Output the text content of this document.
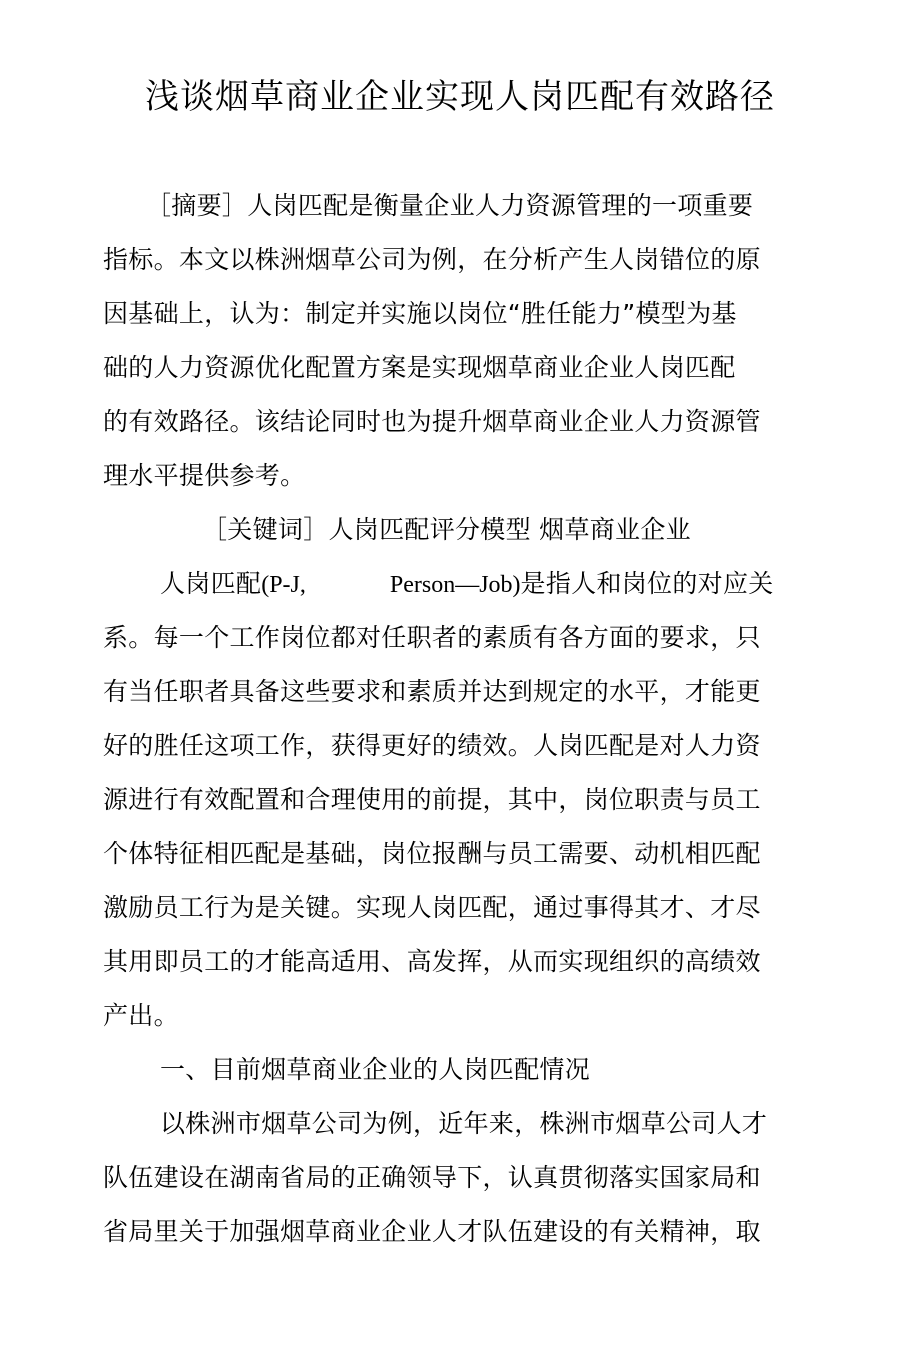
浅谈烟草商业企业实现人岗匹配有效路径
［摘要］人岗匹配是衡量企业人力资源管理的一项重要
指标。本文以株洲烟草公司为例，在分析产生人岗错位的原
因基础上，认为：制定并实施以岗位“胜任能力”模型为基
础的人力资源优化配置方案是实现烟草商业企业人岗匹配
的有效路径。该结论同时也为提升烟草商业企业人力资源管
理水平提供参考。
［关键词］人岗匹配评分模型 烟草商业企业
人岗匹配(P-J,	Person—Job)是指人和岗位的对应关
系。每一个工作岗位都对任职者的素质有各方面的要求，只
有当任职者具备这些要求和素质并达到规定的水平，才能更
好的胜任这项工作，获得更好的绩效。人岗匹配是对人力资
源进行有效配置和合理使用的前提，其中，岗位职责与员工
个体特征相匹配是基础，岗位报酬与员工需要、动机相匹配
激励员工行为是关键。实现人岗匹配，通过事得其才、才尽
其用即员工的才能高适用、高发挥，从而实现组织的高绩效
产出。
一、目前烟草商业企业的人岗匹配情况
以株洲市烟草公司为例，近年来，株洲市烟草公司人才
队伍建设在湖南省局的正确领导下，认真贯彻落实国家局和
省局里关于加强烟草商业企业人才队伍建设的有关精神，取
